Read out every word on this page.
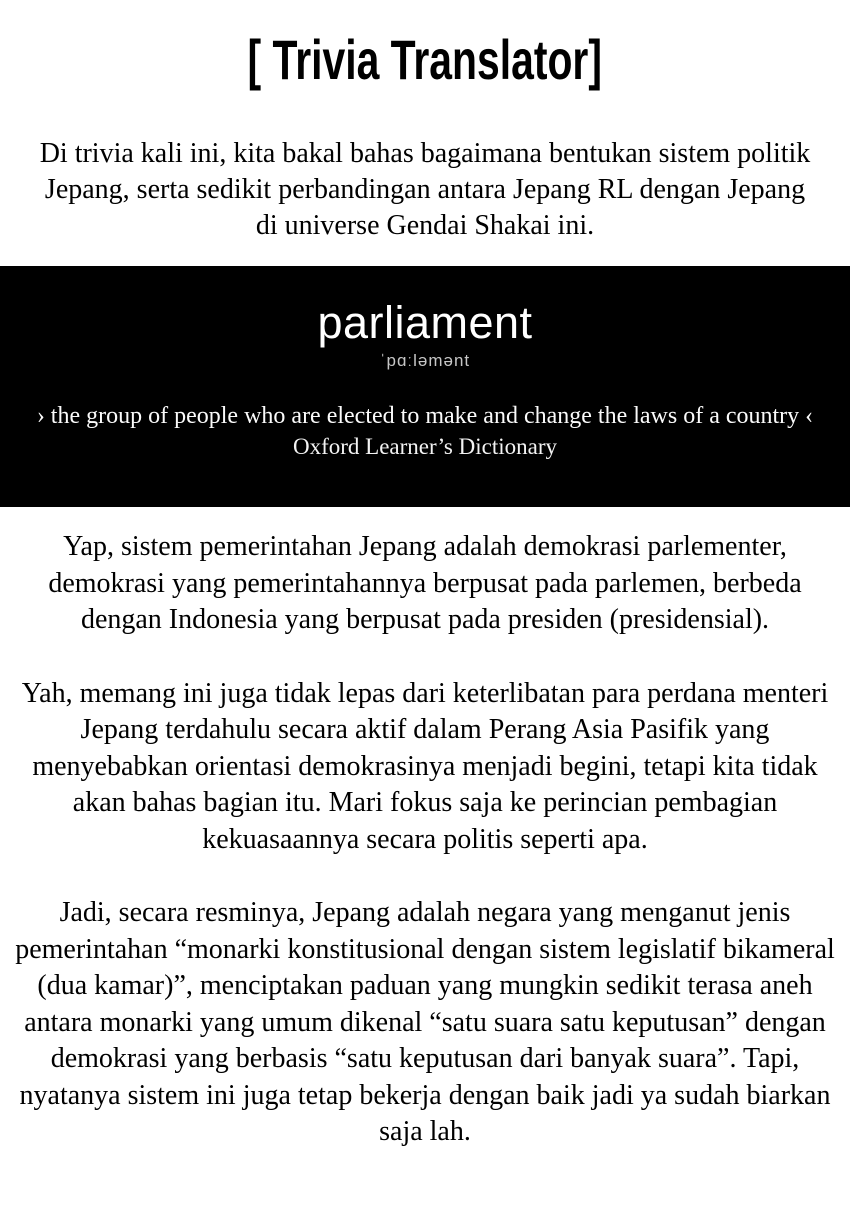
[ Trivia Translator]

Di trivia kali ini, kita bakal bahas bagaimana bentukan sistem politik Jepang, serta sedikit perbandingan antara Jepang RL dengan Jepang di universe Gendai Shakai ini.

parliament
ˈpɑːləmənt
› the group of people who are elected to make and change the laws of a country ‹
Oxford Learner’s Dictionary

Yap, sistem pemerintahan Jepang adalah demokrasi parlementer, demokrasi yang pemerintahannya berpusat pada parlemen, berbeda dengan Indonesia yang berpusat pada presiden (presidensial).

Yah, memang ini juga tidak lepas dari keterlibatan para perdana menteri Jepang terdahulu secara aktif dalam Perang Asia Pasifik yang menyebabkan orientasi demokrasinya menjadi begini, tetapi kita tidak akan bahas bagian itu. Mari fokus saja ke perincian pembagian kekuasaannya secara politis seperti apa.

Jadi, secara resminya, Jepang adalah negara yang menganut jenis pemerintahan “monarki konstitusional dengan sistem legislatif bikameral (dua kamar)”, menciptakan paduan yang mungkin sedikit terasa aneh antara monarki yang umum dikenal “satu suara satu keputusan” dengan demokrasi yang berbasis “satu keputusan dari banyak suara”. Tapi, nyatanya sistem ini juga tetap bekerja dengan baik jadi ya sudah biarkan saja lah.
